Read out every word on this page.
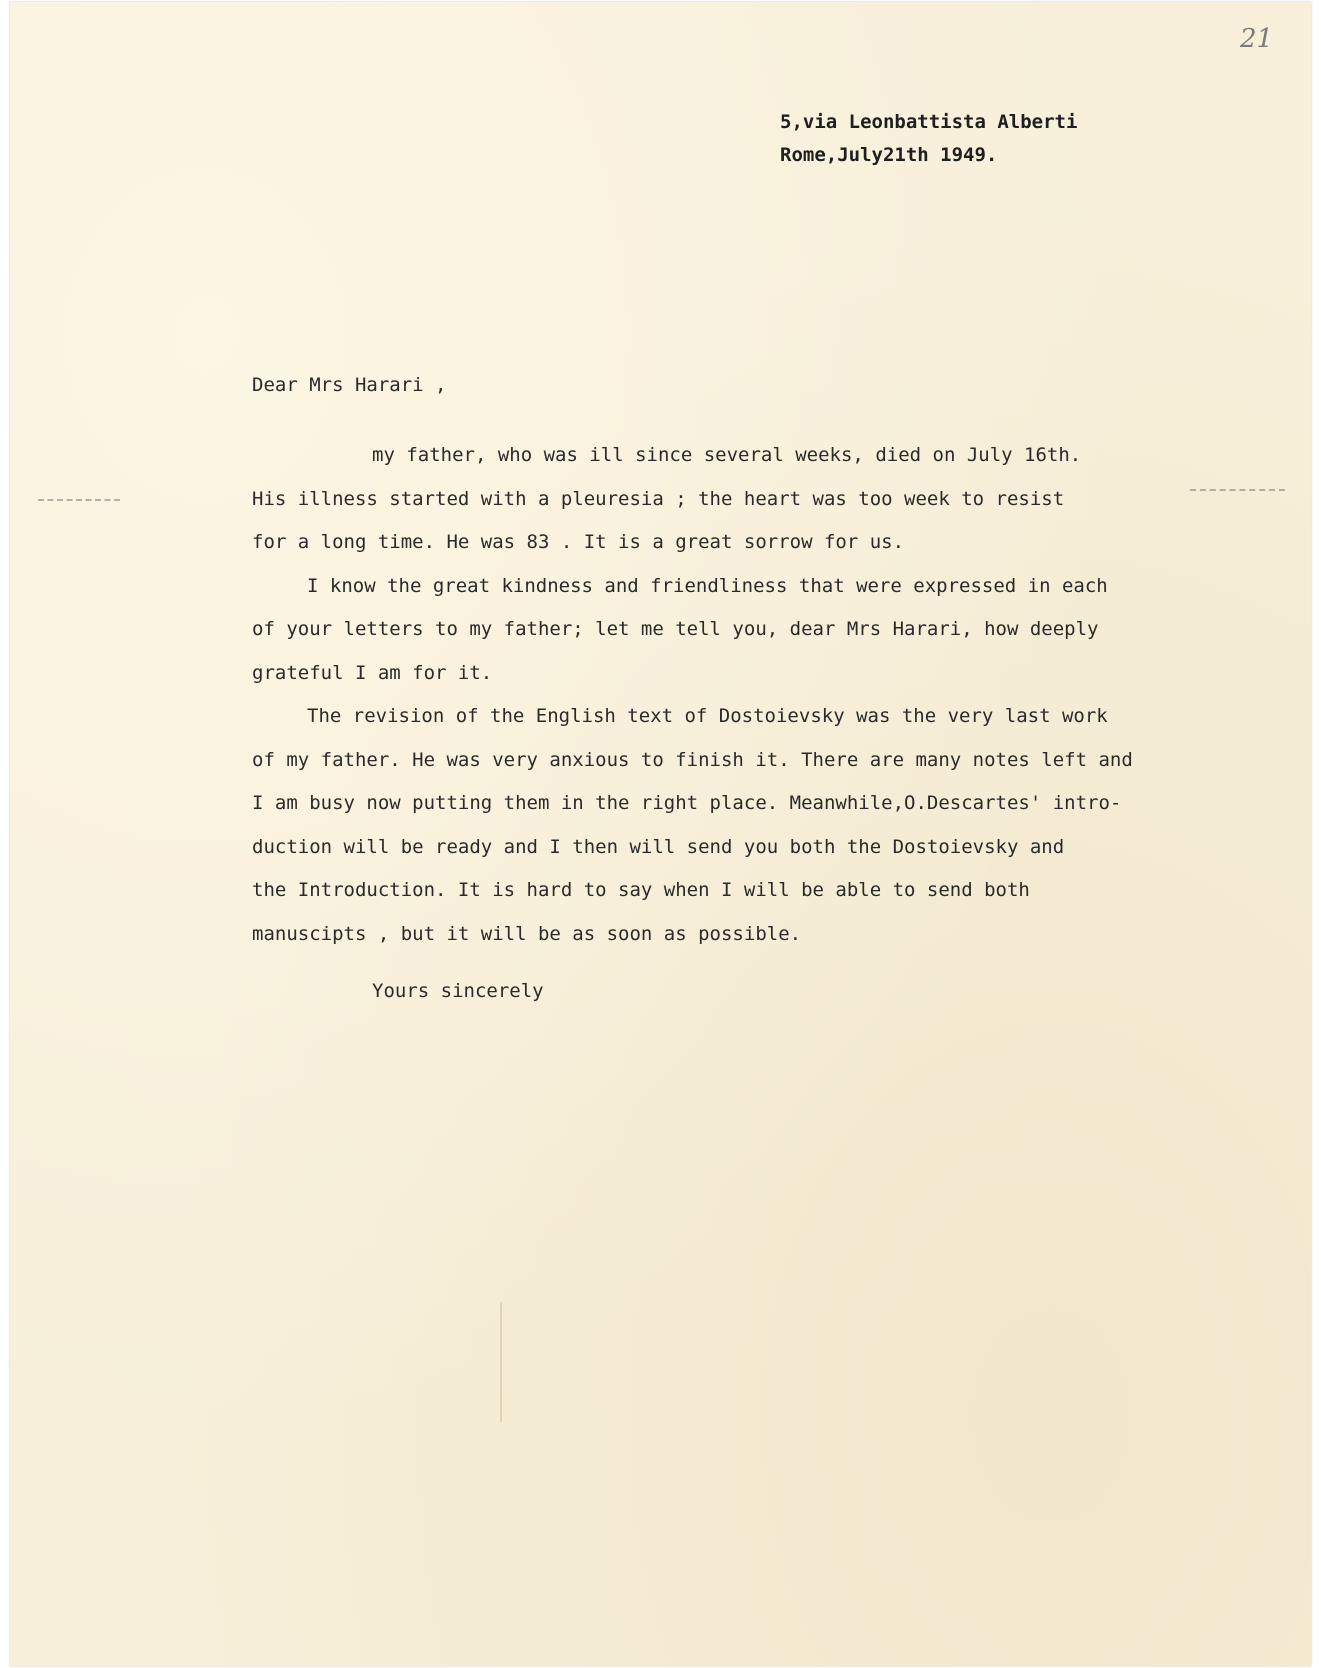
21
5,via Leonbattista Alberti
Rome,July21th 1949.
Dear Mrs Harari ,
my father, who was ill since several weeks, died on July 16th.
His illness started with a pleuresia ; the heart was too week to resist
for a long time. He was 83 . It is a great sorrow for us.
I know the great kindness and friendliness that were expressed in each
of your letters to my father; let me tell you, dear Mrs Harari, how deeply
grateful I am for it.
The revision of the English text of Dostoievsky was the very last work
of my father. He was very anxious to finish it. There are many notes left and
I am busy now putting them in the right place. Meanwhile,O.Descartes' intro-
duction will be ready and I then will send you both the Dostoievsky and
the Introduction. It is hard to say when I will be able to send both
manuscipts , but it will be as soon as possible.
Yours sincerely
